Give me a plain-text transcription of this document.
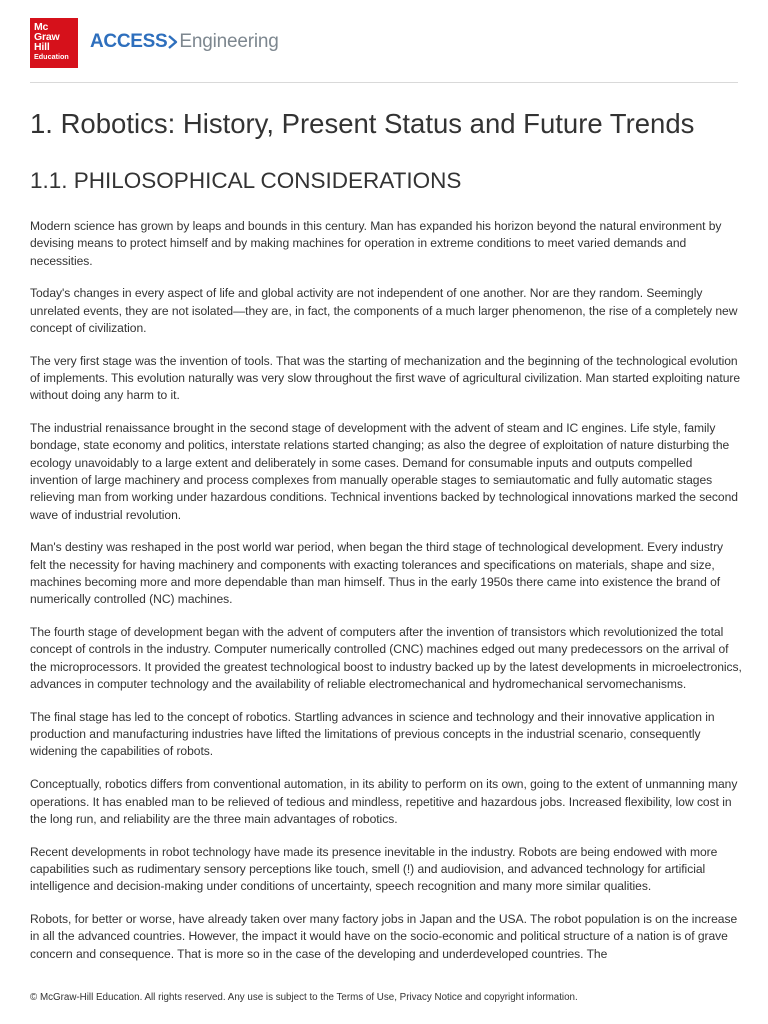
Mc
Graw
Hill
Education
ACCESS Engineering
1. Robotics: History, Present Status and Future Trends
1.1. PHILOSOPHICAL CONSIDERATIONS

Modern science has grown by leaps and bounds in this century. Man has expanded his horizon beyond the natural environment by devising means to protect himself and by making machines for operation in extreme conditions to meet varied demands and necessities.

Today's changes in every aspect of life and global activity are not independent of one another. Nor are they random. Seemingly unrelated events, they are not isolated—they are, in fact, the components of a much larger phenomenon, the rise of a completely new concept of civilization.

The very first stage was the invention of tools. That was the starting of mechanization and the beginning of the technological evolution of implements. This evolution naturally was very slow throughout the first wave of agricultural civilization. Man started exploiting nature without doing any harm to it.

The industrial renaissance brought in the second stage of development with the advent of steam and IC engines. Life style, family bondage, state economy and politics, interstate relations started changing; as also the degree of exploitation of nature disturbing the ecology unavoidably to a large extent and deliberately in some cases. Demand for consumable inputs and outputs compelled invention of large machinery and process complexes from manually operable stages to semiautomatic and fully automatic stages relieving man from working under hazardous conditions. Technical inventions backed by technological innovations marked the second wave of industrial revolution.

Man's destiny was reshaped in the post world war period, when began the third stage of technological development. Every industry felt the necessity for having machinery and components with exacting tolerances and specifications on materials, shape and size, machines becoming more and more dependable than man himself. Thus in the early 1950s there came into existence the brand of numerically controlled (NC) machines.

The fourth stage of development began with the advent of computers after the invention of transistors which revolutionized the total concept of controls in the industry. Computer numerically controlled (CNC) machines edged out many predecessors on the arrival of the microprocessors. It provided the greatest technological boost to industry backed up by the latest developments in microelectronics, advances in computer technology and the availability of reliable electromechanical and hydromechanical servomechanisms.

The final stage has led to the concept of robotics. Startling advances in science and technology and their innovative application in production and manufacturing industries have lifted the limitations of previous concepts in the industrial scenario, consequently widening the capabilities of robots.

Conceptually, robotics differs from conventional automation, in its ability to perform on its own, going to the extent of unmanning many operations. It has enabled man to be relieved of tedious and mindless, repetitive and hazardous jobs. Increased flexibility, low cost in the long run, and reliability are the three main advantages of robotics.

Recent developments in robot technology have made its presence inevitable in the industry. Robots are being endowed with more capabilities such as rudimentary sensory perceptions like touch, smell (!) and audiovision, and advanced technology for artificial intelligence and decision-making under conditions of uncertainty, speech recognition and many more similar qualities.

Robots, for better or worse, have already taken over many factory jobs in Japan and the USA. The robot population is on the increase in all the advanced countries. However, the impact it would have on the socio-economic and political structure of a nation is of grave concern and consequence. That is more so in the case of the developing and underdeveloped countries. The

© McGraw-Hill Education. All rights reserved. Any use is subject to the Terms of Use, Privacy Notice and copyright information.
